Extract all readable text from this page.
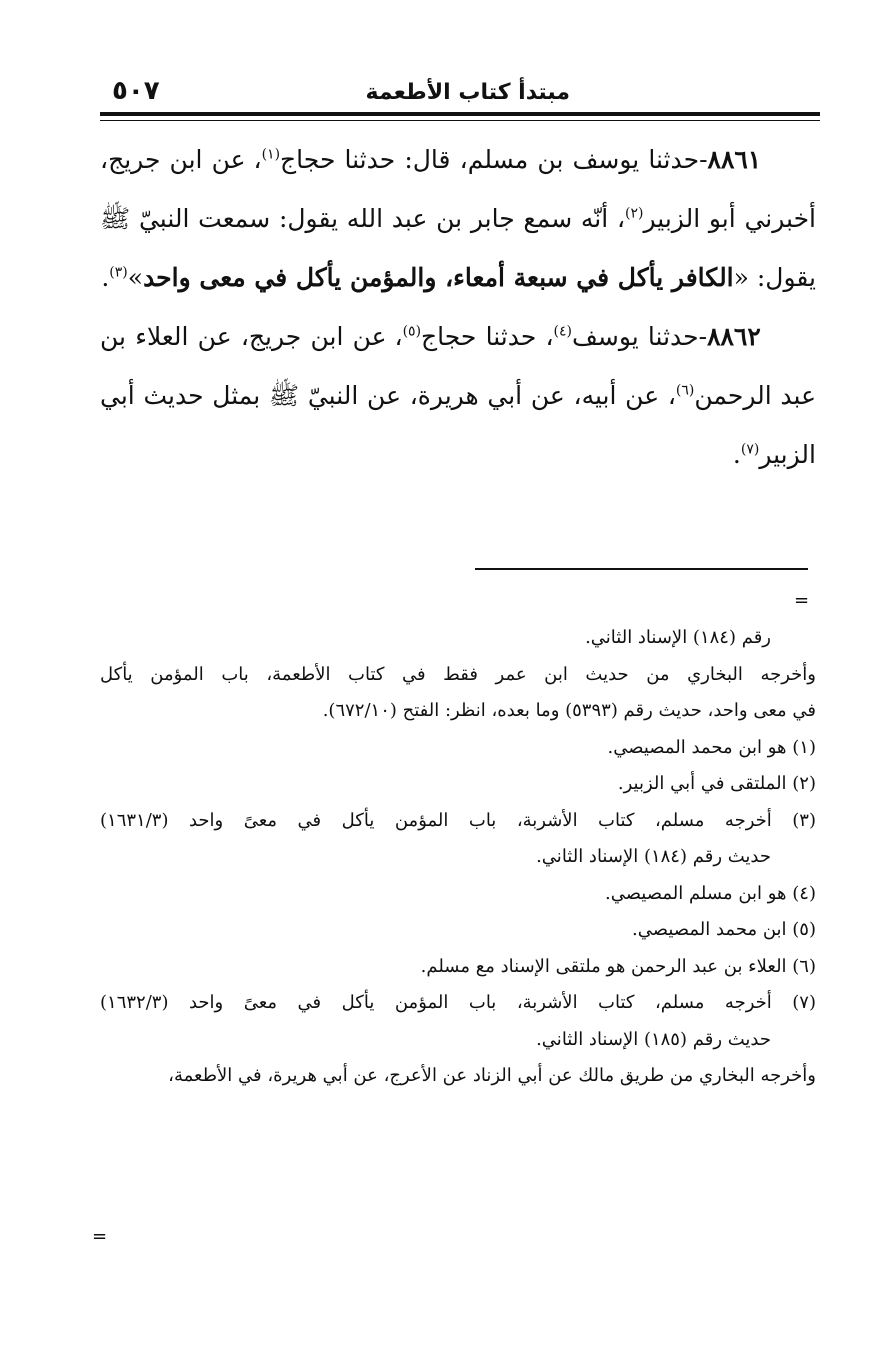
٥٠٧	مبتدأ كتاب الأطعمة

٨٨٦١-حدثنا يوسف بن مسلم، قال: حدثنا حجاج$^{(١)}$، عن ابن جريج، أخبرني أبو الزبير$^{(٢)}$، أنّه سمع جابر بن عبد الله يقول: سمعت النبيّ ﷺ يقول: «الكافر يأكل في سبعة أمعاء، والمؤمن يأكل في معى واحد»$^{(٣)}$.

٨٨٦٢-حدثنا يوسف$^{(٤)}$، حدثنا حجاج$^{(٥)}$، عن ابن جريج، عن العلاء بن عبد الرحمن$^{(٦)}$، عن أبيه، عن أبي هريرة، عن النبيّ ﷺ بمثل حديث أبي الزبير$^{(٧)}$.

=

رقم (١٨٤) الإسناد الثاني.

وأخرجه البخاري من حديث ابن عمر فقط في كتاب الأطعمة، باب المؤمن يأكل

في معى واحد، حديث رقم (٥٣٩٣) وما بعده، انظر: الفتح (٦٧٢/١٠).

(١) هو ابن محمد المصيصي.

(٢) الملتقى في أبي الزبير.

(٣) أخرجه مسلم، كتاب الأشربة، باب المؤمن يأكل في معىً واحد (١٦٣١/٣)

حديث رقم (١٨٤) الإسناد الثاني.

(٤) هو ابن مسلم المصيصي.

(٥) ابن محمد المصيصي.

(٦) العلاء بن عبد الرحمن هو ملتقى الإسناد مع مسلم.

(٧) أخرجه مسلم، كتاب الأشربة، باب المؤمن يأكل في معىً واحد (١٦٣٢/٣)

حديث رقم (١٨٥) الإسناد الثاني.

وأخرجه البخاري من طريق مالك عن أبي الزناد عن الأعرج، عن أبي هريرة، في الأطعمة،

=
